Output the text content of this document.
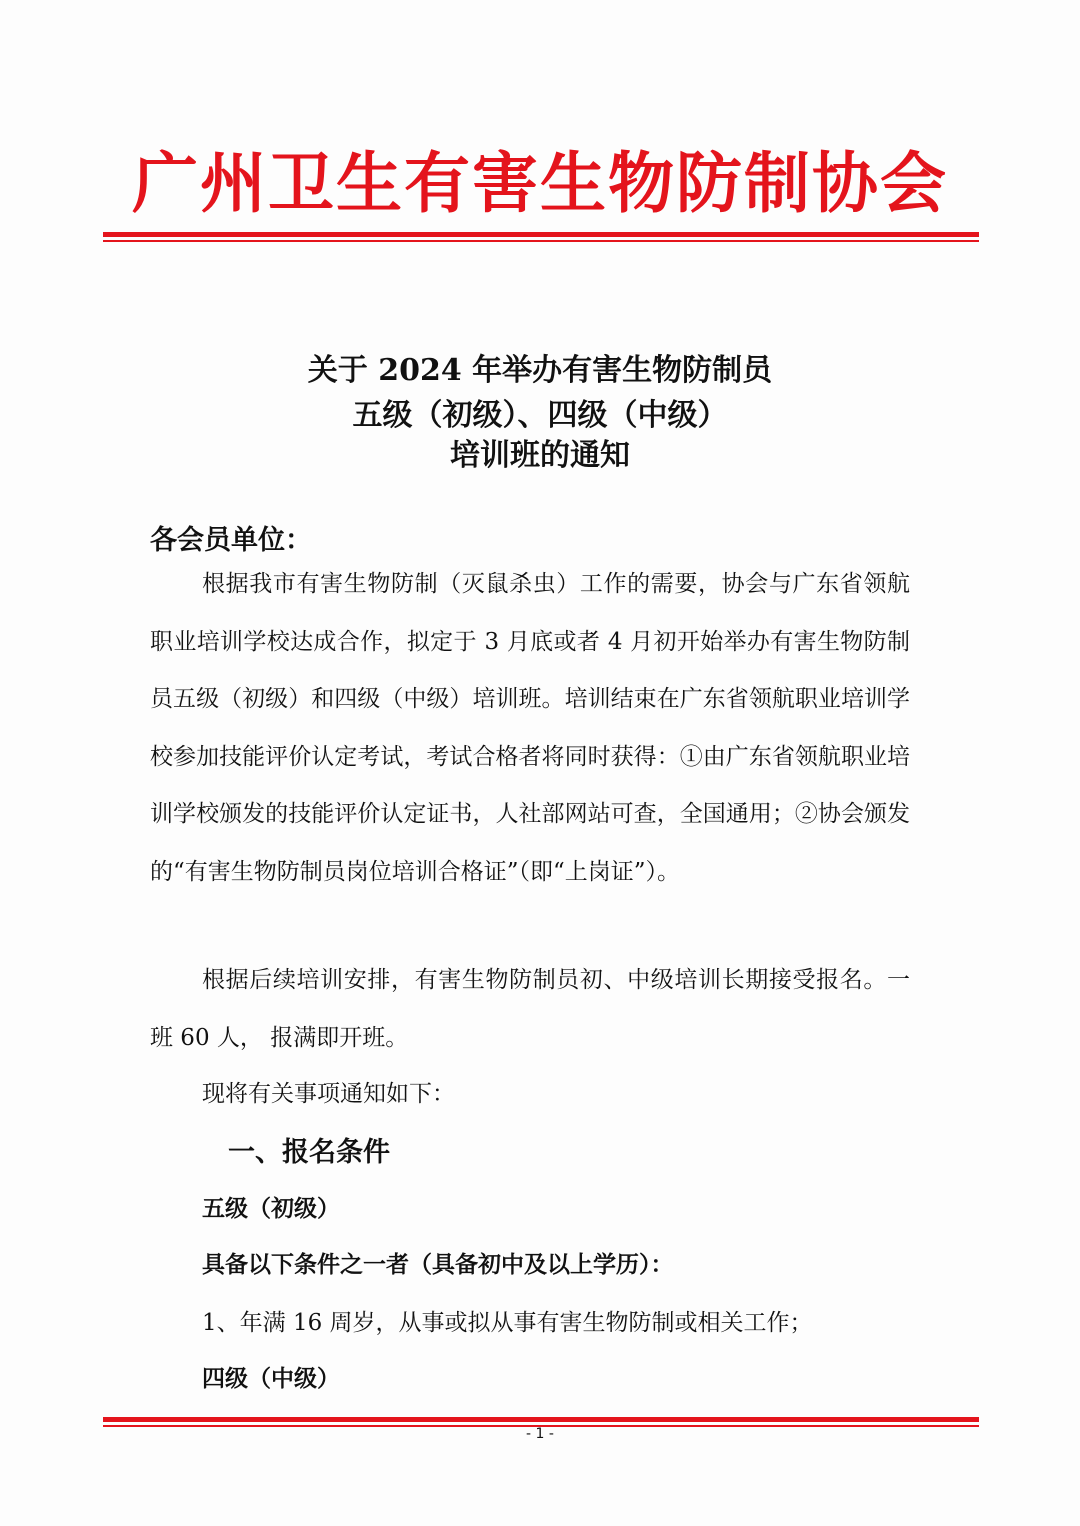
广州卫生有害生物防制协会
关于 2024 年举办有害生物防制员
五级（初级）、四级（中级）
培训班的通知
各会员单位：
根据我市有害生物防制（灭鼠杀虫）工作的需要，协会与广东省领航职业培训学校达成合作，拟定于 3 月底或者 4 月初开始举办有害生物防制员五级（初级）和四级（中级）培训班。培训结束在广东省领航职业培训学校参加技能评价认定考试，考试合格者将同时获得：①由广东省领航职业培训学校颁发的技能评价认定证书，人社部网站可查，全国通用；②协会颁发的“有害生物防制员岗位培训合格证”（即“上岗证”）。
根据后续培训安排，有害生物防制员初、中级培训长期接受报名。一班 60 人， 报满即开班。
现将有关事项通知如下：
一、报名条件
五级（初级）
具备以下条件之一者（具备初中及以上学历）：
1、年满 16 周岁，从事或拟从事有害生物防制或相关工作；
四级（中级）
- 1 -
